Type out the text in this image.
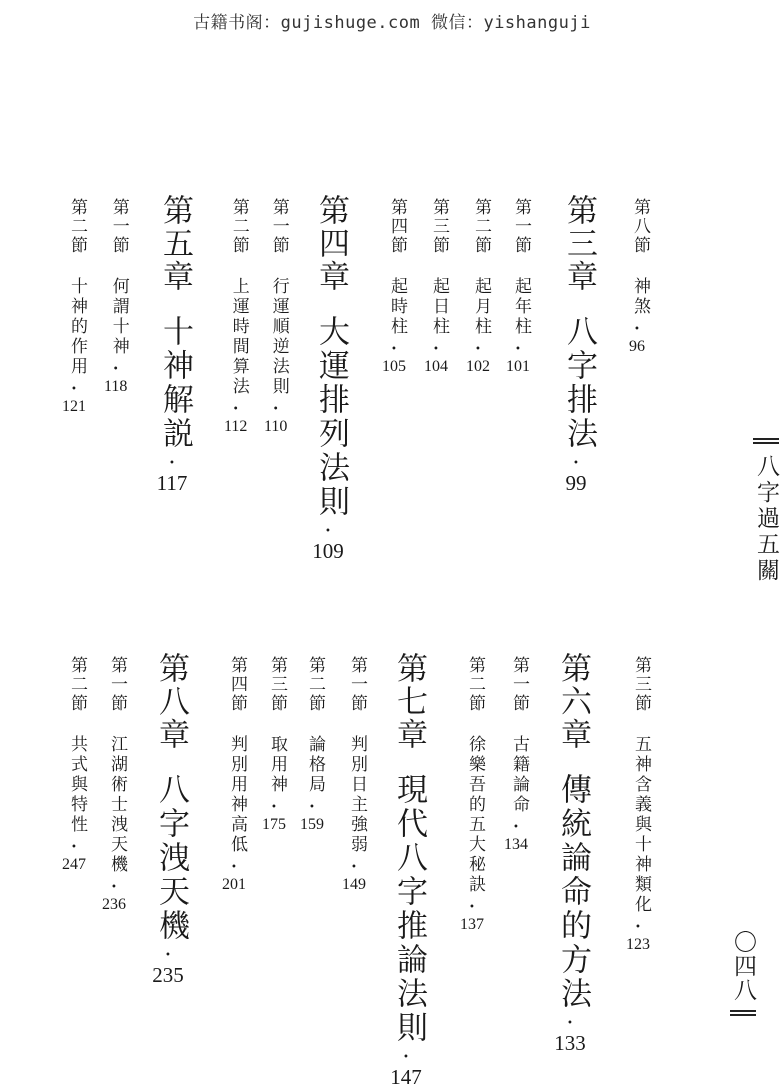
古籍书阁：gujishuge.com 微信：yishanguji
八字過五關
〇四八
第八節
神煞
•
96
第三章
八字排法
•
99
第一節
起年柱
•
101
第二節
起月柱
•
102
第三節
起日柱
•
104
第四節
起時柱
•
105
第四章
大運排列法則
•
109
第一節
行運順逆法則
•
110
第二節
上運時間算法
•
112
第五章
十神解説
•
117
第一節
何謂十神
•
118
第二節
十神的作用
•
121
第三節
五神含義與十神類化
•
123
第六章
傳統論命的方法
•
133
第一節
古籍論命
•
134
第二節
徐樂吾的五大秘訣
•
137
第七章
現代八字推論法則
•
147
第一節
判別日主強弱
•
149
第二節
論格局
•
159
第三節
取用神
•
175
第四節
判別用神高低
•
201
第八章
八字洩天機
•
235
第一節
江湖術士洩天機
•
236
第二節
共式與特性
•
247
